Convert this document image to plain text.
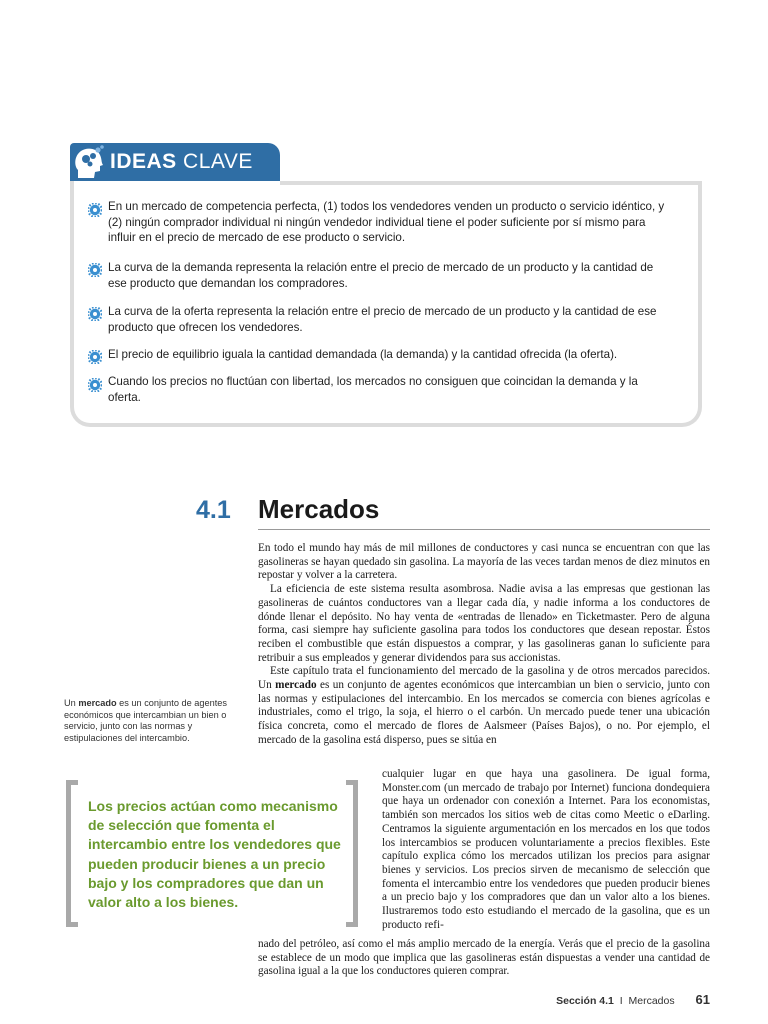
IDEAS CLAVE
En un mercado de competencia perfecta, (1) todos los vendedores venden un producto o servicio idéntico, y (2) ningún comprador individual ni ningún vendedor individual tiene el poder suficiente por sí mismo para influir en el precio de mercado de ese producto o servicio.
La curva de la demanda representa la relación entre el precio de mercado de un producto y la cantidad de ese producto que demandan los compradores.
La curva de la oferta representa la relación entre el precio de mercado de un producto y la cantidad de ese producto que ofrecen los vendedores.
El precio de equilibrio iguala la cantidad demandada (la demanda) y la cantidad ofrecida (la oferta).
Cuando los precios no fluctúan con libertad, los mercados no consiguen que coincidan la demanda y la oferta.
4.1 Mercados

En todo el mundo hay más de mil millones de conductores y casi nunca se encuentran con que las gasolineras se hayan quedado sin gasolina. La mayoría de las veces tardan menos de diez minutos en repostar y volver a la carretera.

La eficiencia de este sistema resulta asombrosa. Nadie avisa a las empresas que gestionan las gasolineras de cuántos conductores van a llegar cada día, y nadie informa a los conductores de dónde llenar el depósito. No hay venta de «entradas de llenado» en Ticketmaster. Pero de alguna forma, casi siempre hay suficiente gasolina para todos los conductores que desean repostar. Éstos reciben el combustible que están dispuestos a comprar, y las gasolineras ganan lo suficiente para retribuir a sus empleados y generar dividendos para sus accionistas.

Este capítulo trata el funcionamiento del mercado de la gasolina y de otros mercados parecidos. Un mercado es un conjunto de agentes económicos que intercambian un bien o servicio, junto con las normas y estipulaciones del intercambio. En los mercados se comercia con bienes agrícolas e industriales, como el trigo, la soja, el hierro o el carbón. Un mercado puede tener una ubicación física concreta, como el mercado de flores de Aalsmeer (Países Bajos), o no. Por ejemplo, el mercado de la gasolina está disperso, pues se sitúa en

cualquier lugar en que haya una gasolinera. De igual forma, Monster.com (un mercado de trabajo por Internet) funciona dondequiera que haya un ordenador con conexión a Internet. Para los economistas, también son mercados los sitios web de citas como Meetic o eDarling. Centramos la siguiente argumentación en los mercados en los que todos los intercambios se producen voluntariamente a precios flexibles. Este capítulo explica cómo los mercados utilizan los precios para asignar bienes y servicios. Los precios sirven de mecanismo de selección que fomenta el intercambio entre los vendedores que pueden producir bienes a un precio bajo y los compradores que dan un valor alto a los bienes. Ilustraremos todo esto estudiando el mercado de la gasolina, que es un producto refi-
nado del petróleo, así como el más amplio mercado de la energía. Verás que el precio de la gasolina se establece de un modo que implica que las gasolineras están dispuestas a vender una cantidad de gasolina igual a la que los conductores quieren comprar.
Un mercado es un conjunto de agentes económicos que intercambian un bien o servicio, junto con las normas y estipulaciones del intercambio.
Los precios actúan como mecanismo de selección que fomenta el intercambio entre los vendedores que pueden producir bienes a un precio bajo y los compradores que dan un valor alto a los bienes.
Sección 4.1 I Mercados 61
